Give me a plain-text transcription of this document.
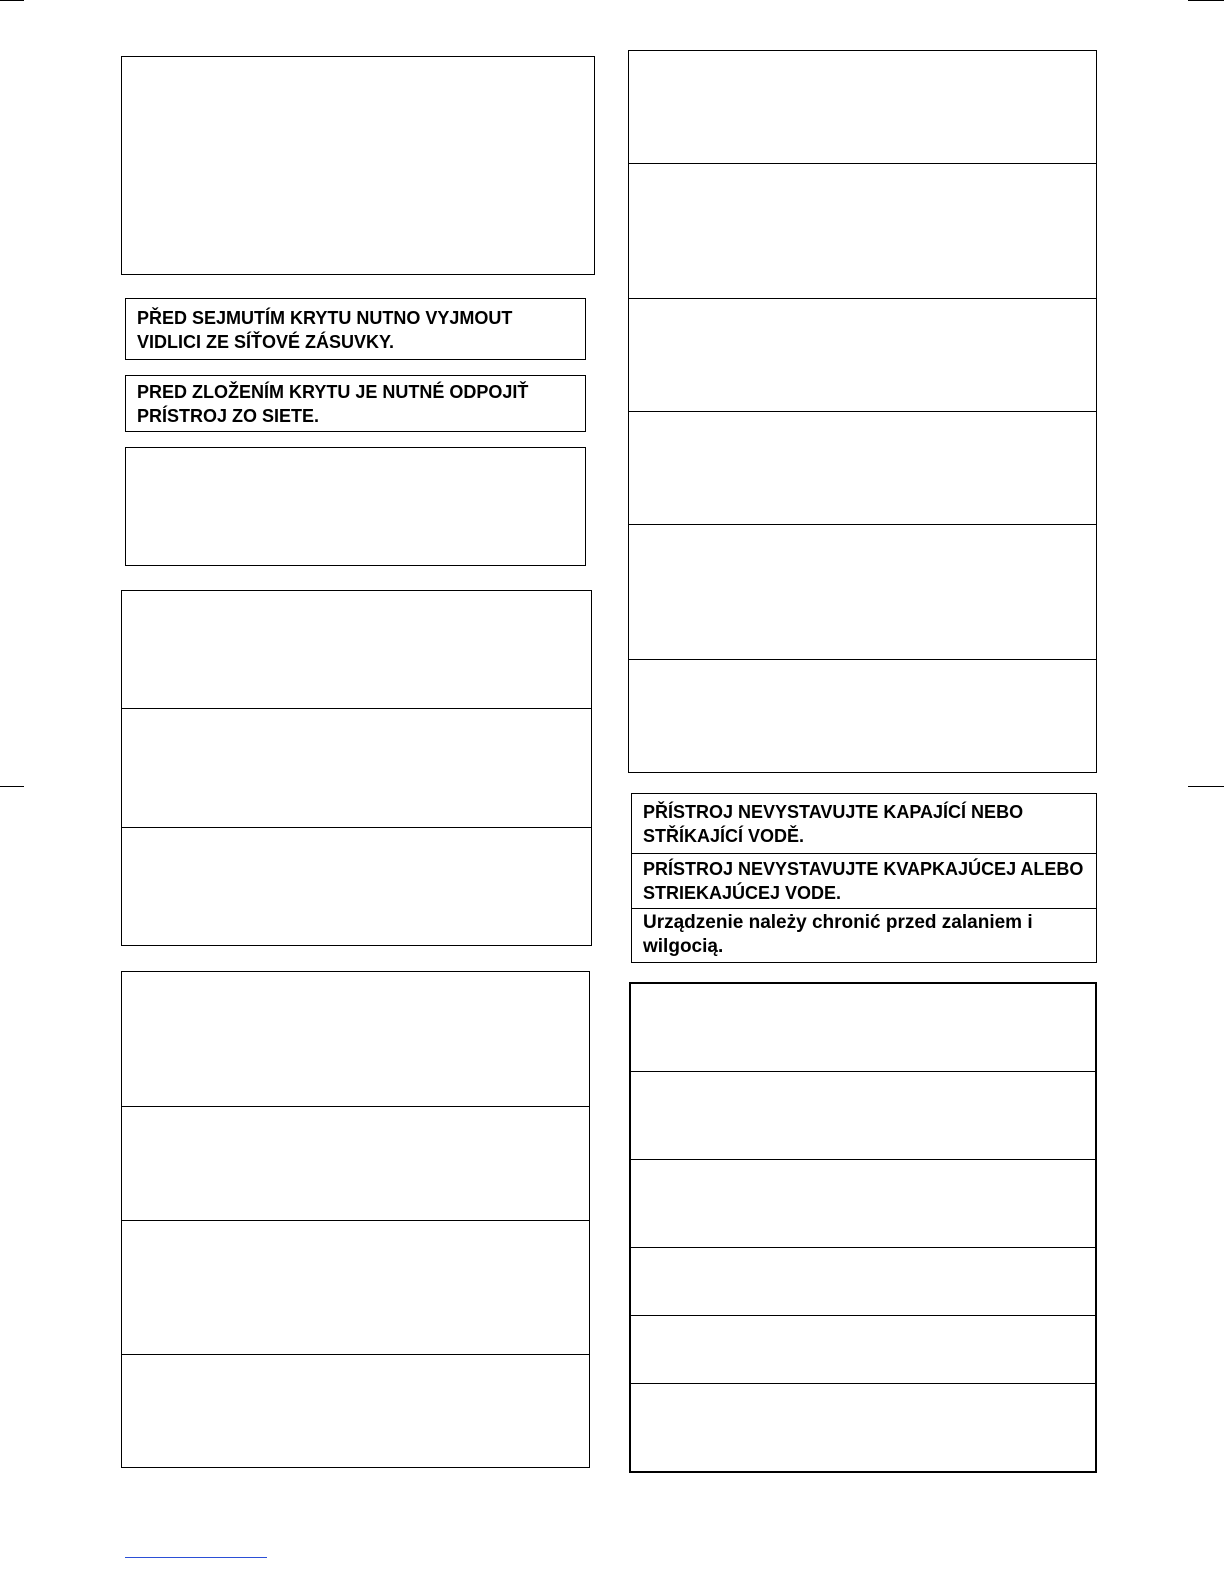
PŘED SEJMUTÍM KRYTU NUTNO VYJMOUT
VIDLICI ZE SÍŤOVÉ ZÁSUVKY.
PRED ZLOŽENÍM KRYTU JE NUTNÉ ODPOJIŤ
PRÍSTROJ ZO SIETE.
PŘÍSTROJ NEVYSTAVUJTE KAPAJÍCÍ NEBO
STŘÍKAJÍCÍ VODĚ.
PRÍSTROJ NEVYSTAVUJTE KVAPKAJÚCEJ ALEBO
STRIEKAJÚCEJ VODE.
Urządzenie należy chronić przed zalaniem i
wilgocią.
